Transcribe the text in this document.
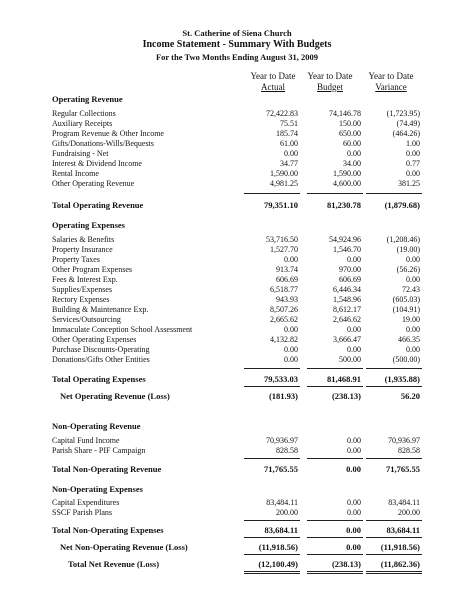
St. Catherine of Siena Church
Income Statement - Summary With Budgets
For the Two Months Ending August 31, 2009
Year to Date
Actual
Year to Date
Budget
Year to Date
Variance
Operating Revenue
Regular Collections	72,422.83	74,146.78	(1,723.95)
Auxiliary Receipts	75.51	150.00	(74.49)
Program Revenue & Other Income	185.74	650.00	(464.26)
Gifts/Donations-Wills/Bequests	61.00	60.00	1.00
Fundraising - Net	0.00	0.00	0.00
Interest & Dividend Income	34.77	34.00	0.77
Rental Income	1,590.00	1,590.00	0.00
Other Operating Revenue	4,981.25	4,600.00	381.25
Total Operating Revenue	79,351.10	81,230.78	(1,879.68)
Operating Expenses
Salaries & Benefits	53,716.50	54,924.96	(1,208.46)
Property Insurance	1,527.70	1,546.70	(19.00)
Property Taxes	0.00	0.00	0.00
Other Program Expenses	913.74	970.00	(56.26)
Fees & Interest Exp.	606.69	606.69	0.00
Supplies/Expenses	6,518.77	6,446.34	72.43
Rectory Expenses	943.93	1,548.96	(605.03)
Building & Maintenance Exp.	8,507.26	8,612.17	(104.91)
Services/Outsourcing	2,665.62	2,646.62	19.00
Immaculate Conception School Assessment	0.00	0.00	0.00
Other Operating Expenses	4,132.82	3,666.47	466.35
Purchase Discounts-Operating	0.00	0.00	0.00
Donations/Gifts Other Entities	0.00	500.00	(500.00)
Total Operating Expenses	79,533.03	81,468.91	(1,935.88)
Net Operating Revenue (Loss)	(181.93)	(238.13)	56.20
Non-Operating Revenue
Capital Fund Income	70,936.97	0.00	70,936.97
Parish Share - PIF Campaign	828.58	0.00	828.58
Total Non-Operating Revenue	71,765.55	0.00	71,765.55
Non-Operating Expenses
Capital Expenditures	83,484.11	0.00	83,484.11
SSCF Parish Plans	200.00	0.00	200.00
Total Non-Operating Expenses	83,684.11	0.00	83,684.11
Net Non-Operating Revenue (Loss)	(11,918.56)	0.00	(11,918.56)
Total Net Revenue (Loss)	(12,100.49)	(238.13)	(11,862.36)
